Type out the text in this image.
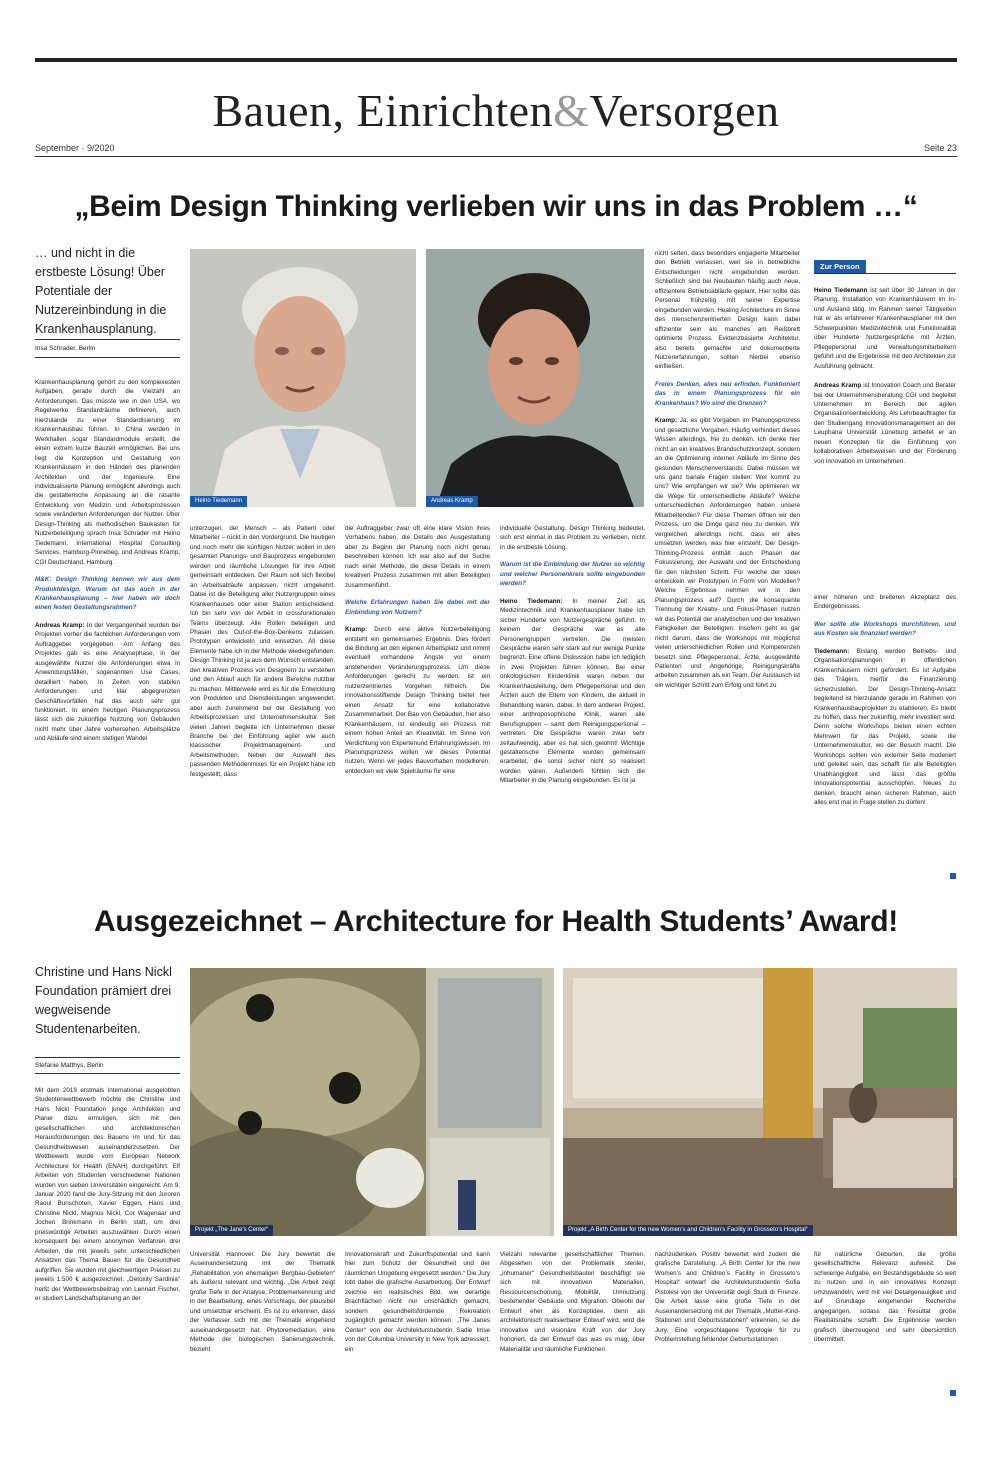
Bauen, Einrichten&Versorgen
September · 9/2020	Seite 23
„Beim Design Thinking verlieben wir uns in das Problem …“
… und nicht in die erstbeste Lösung! Über Potentiale der Nutzereinbindung in die Krankenhausplanung.
Insa Schrader, Berlin

Krankenhausplanung gehört zu den komplexesten Aufgaben, gerade durch die Vielzahl an Anforderungen. Das müsste wie in den USA, wo Regelwerke Standardräume definieren, auch hierzulande zu einer Standardisierung im Krankenhausbau führen. In China werden in Werkhallen sogar Standardmodule erstellt, die einen extrem kurze Bauzeit ermöglichen. Bei uns liegt die Konzeption und Gestaltung von Krankenhäusern in den Händen des planenden Architekten und der Ingenieure. Eine individualisierte Planung ermöglicht allerdings auch die gestalterische Anpassung an die rasante Entwicklung von Medizin und Arbeitsprozessen sowie veränderten Anforderungen der Nutzer. Über Design-Thinking als methodischen Baukasten für Nutzerbeteiligung sprach Insa Schrader mit Heino Tiedemann, International Hospital Consulting Services, Hamburg-Pinnebeg, und Andreas Kramp, CGI Deutschland, Hamburg.

M&K: Design Thinking kennen wir aus dem Produktdesign. Warum ist das auch in der Krankenhausplanung – hier haben wir doch einen festen Gestaltungsrahmen?

Andreas Kramp: In der Vergangenheit wurden bei Projekten vorher die fachlichen Anforderungen vom Auftraggeber vorgegeben. Am Anfang des Projektes gab es eine Analysephase, in der ausgewählte Nutzer die Anforderungen etwa in Anwendungsfällen, sogenannten Use Cases, detailliert haben. In Zeiten von stabilen Anforderungen und klar abgegrenzten Geschäftsvorfällen hat das auch sehr gut funktioniert. In einem heutigen Planungsprozess lässt sich die zukünftige Nutzung von Gebäuden nicht mehr über Jahre vorhersehen. Arbeitsplätze und Abläufe sind einem stetigen Wandel

Heino Tiedemann	Andreas Kramp

unterzogen, der Mensch – als Patient oder Mitarbeiter – rückt in den Vordergrund. Die heutigen und noch mehr die künftigen Nutzer wollen in den gesamten Planungs- und Bauprozess eingebunden werden und räumliche Lösungen für ihre Arbeit gemeinsam entdecken. Der Raum soll sich flexibel an Arbeitsabläufe anpassen, nicht umgekehrt. Dabei ist die Beteiligung aller Nutzergruppen eines Krankenhauses oder einer Station entscheidend. Ich bin sehr von der Arbeit in crossfunktionalen Teams überzeugt. Alle Rollen beteiligen und Phasen des Out-of-the-Box-Denkens zulassen. Prototypen entwickeln und einsetzen. All diese Elemente habe ich in der Methode wiedergefunden. Design Thinking ist ja aus dem Wunsch entstanden, den kreativen Prozess von Designern zu verstehen und den Ablauf auch für andere Bereiche nutzbar zu machen. Mittlerweile wird es für die Entwicklung von Produkten und Dienstleistungen angewendet, aber auch zunehmend bei der Gestaltung von Arbeitsprozessen und Unternehmenskultur. Seit vielen Jahren begleite ich Unternehmen dieser Branche bei der Einführung agiler wie auch klassischer Projektmanagement- und Arbeitsmethoden. Neben der Auswahl des passenden Methodenmixes für ein Projekt habe ich festgestellt, dass

die Auftraggeber zwar oft eine klare Vision ihres Vorhabens haben, die Details des Ausgestaltung aber zu Beginn der Planung noch nicht genau beschreiben können. Ich war also auf der Suche nach einer Methode, die diese Details in einem kreativen Prozess zusammen mit allen Beteiligten zusammenführt.

Welche Erfahrungen haben Sie dabei mit der Einbindung von Nutzern?

Kramp: Durch eine aktive Nutzerbeteiligung entsteht ein gemeinsames Ergebnis. Dies fördert die Bindung an den eigenen Arbeitsplatz und nimmt eventuell vorhandene Ängste vor einem anstehenden Veränderungsprozess. Um diese Anforderungen gerecht zu werden, ist ein nutzerzentriertes Vorgehen hilfreich. Die innovationsstiftende Design Thinking bietet hier einen Ansatz für eine kollaborative Zusammenarbeit. Der Bau von Gebäuden, hier also Krankenhäusern, ist eindeutig ein Prozess mit einem hohen Anteil an Kreativität. Im Sinne von Verdichtung von Expertenund Erfahrungswissen. Im Planungsprozess wollen wir dieses Potential nutzen. Wenn wir jedes Bauvorhaben modellieren, entdecken wir viele Spielräume für eine

individuelle Gestaltung. Design Thinking bedeutet, sich erst einmal in das Problem zu verlieben, nicht in die erstbeste Lösung.

Warum ist die Einbindung der Nutzer so wichtig und welcher Personenkreis sollte eingebunden werden?

Heino Tiedemann: In meiner Zeit als Medizintechnik und Krankenhausplaner habe ich sicher Hunderte von Nutzergespräche geführt. In keinem der Gespräche war es alle Personengruppen vertreten. Die meisten Gespräche waren sehr stark auf nur wenige Punkte begrenzt. Eine offene Diskussion habe ich lediglich in zwei Projekten führen können. Bei einer onkologischen Kinderklinik waren neben der Krankenhausleitung, dem Pflegepersonal und den Ärzten auch die Eltern von Kindern, die aktuell in Behandlung waren, dabei. In dem anderen Projekt, einer anthroposophische Klinik, waren alle Berufsgruppen – samt dem Reinigungspersonal – vertreten. Die Gespräche waren zwar sehr zeitaufwendig, aber es hat sich gelohnt! Wichtige gestalterische Elemente wurden gemeinsam erarbeitet, die sonst sicher nicht so realisiert worden wären. Außerdem fühlten sich die Mitarbeiter in die Planung eingebunden. Es ist ja

nicht selten, dass besonders engagierte Mitarbeiter den Betrieb verlassen, weil sie in betriebliche Entscheidungen nicht eingebunden werden. Schließlich sind bei Neubauten häufig auch neue, effizientere Betriebsabläufe geplant. Hier sollte das Personal frühzeitig mit seiner Expertise eingebunden werden. Healing Architecture im Sinne des menschenzentrierten Design kann dabei effizienter sein als manches am Reißbrett optimierte Prozess. Evidenzbasierte Architektur, also bereits gemachte und dokumentierte Nutzererfahrungen, sollten hierbei ebenso einfließen.

Freies Denken, alles neu erfinden. Funktioniert das in einem Planungsprozess für ein Krankenhaus? Wo sind die Grenzen?

Kramp: Ja, es gibt Vorgaben im Planungsprozess und gesetzliche Vorgaben. Häufig verhindert dieses Wissen allerdings, frei zu denken. Ich denke hier nicht an ein kreatives Brandschutzkonzept, sondern an die Optimierung interner Abläufe im Sinne des gesunden Menschenverstands. Dabei müssen wir uns ganz banale Fragen stellen: Wer kommt zu uns? Wie empfangen wir sie? Wie optimieren wir die Wege für unterschiedliche Abläufe? Welche unterschiedlichen Anforderungen haben unsere Mitarbeitenden? Für diese Themen öffnen wir den Prozess, um die Dinge ganz neu zu denken. Wir vergleichen allerdings nicht, dass wir alles umsetzen werden, was hier entsteht. Der Design-Thinking-Prozess enthält auch Phasen der Fokussierung, der Auswahl und der Entscheidung für den nächsten Schritt. Für welche der Ideen entwickeln wir Prototypen in Form von Modellen? Welche Ergebnisse nehmen wir in den Planungsprozess auf? Durch die konsequente Trennung der Kreativ- und Fokus-Phasen nutzen wir das Potential der analytischen und der kreativen Fähigkeiten der Beteiligten. Insofern geht es gar nicht darum, dass die Workshops mit möglichst vielen unterschiedlichen Rollen und Kompetenzen besetzt sind. Pflegepersonal, Ärzte, ausgewählte Patienten und Angehörige, Reinigungskräfte arbeiten zusammen als ein Team. Der Austausch ist ein wichtiger Schritt zum Erfolg und führt zu

Zur Person

Heino Tiedemann ist seit über 30 Jahren in der Planung, Installation von Krankenhäusern im In- und Ausland tätig. Im Rahmen seiner Tätigkeiten hat er als erfahrener Krankenhausplaner mit den Schwerpunkten Medizintechnik und Funktionalität über Hunderte Nutzergespräche mit Ärzten, Pflegepersonal und Verwaltungsmitarbeitern geführt und die Ergebnisse mit den Architekten zur Ausführung gebracht.

Andreas Kramp ist Innovation Coach und Berater bei der Unternehmensberatung CGI und begleitet Unternehmen im Bereich der agilen Organisationsentwicklung. Als Lehrbeauftragter für den Studiengang Innovationsmanagement an der Leuphana Universität Lüneburg arbeitet er an neuen Konzepten für die Einführung von kollaborativen Arbeitsweisen und der Förderung von Innovation im Unternehmen.

einer höheren und breiteren Akzeptanz des Endergebnisses.

Wer sollte die Workshops durchführen, und aus Kosten sie finanziert werden?

Tiedemann: Bislang werden Betriebs- und Organisationsplanungen in öffentlichen Krankenhäusern nicht gefördert. Es ist Aufgabe des Trägers, hierfür die Finanzierung sicherzustellen. Der Design-Thinking-Ansatz begleitend ist hierzulande gerade im Rahmen von Krankenhausbauprojekten zu etablieren. Es bleibt zu hoffen, dass hier zukünftig, mehr investiert wird. Denn solche Workshops bieten einen echten Mehrwert für das Projekt, sowie die Unternehmenskultur, wo der Besuch macht. Die Workshops sollten von externer Seite moderiert und geleitet sein, das schafft für alle Beteiligten Unabhängigkeit und lässt das größte Innovationspotential ausschöpfen. Neues zu denken, braucht einen sicheren Rahmen, auch alles erst mal in Frage stellen zu dürfen!

Ausgezeichnet – Architecture for Health Students’ Award!
Christine und Hans Nickl Foundation prämiert drei wegweisende Studentenarbeiten.
Stefanie Matthys, Berlin

Mit dem 2019 erstmals international ausgelobten Studentenwettbewerb möchte die Christine und Hans Nickl Foundation junge Architekten und Planer dazu ermutigen, sich mit den gesellschaftlichen und architektonischen Herausforderungen des Bauens im und für das Gesundheitswesen auseinanderzusetzen. Der Wettbewerb wurde vom European Network Architecture for Health (ENAH) durchgeführt. Elf Arbeiten von Studenten verschiedener Nationen wurden von sieben Universitäten eingereicht. Am 9. Januar 2020 fand die Jury-Sitzung mit den Juroren Raoul Bunschoten, Xavier Eggen, Hans und Christine Nickl, Magnus Nickl, Cor Wagenaar und Jochen Brinkmann in Berlin statt, um drei preiswürdige Arbeiten auszuwählen. Durch einen konsequent bei einem anonymen Verfahren drei Arbeiten, die mit jeweils sehr unterschiedlichen Ansätzen das Thema Bauen für die Gesundheit aufgriffen. Sie wurden mit gleichwertigen Preisen zu jeweils 1.500 € ausgezeichnet. „Detoxity Sardinia“ heißt der Wettbewerbsbeitrag von Lennart Fischer, er studiert Landschaftsplanung an der

Projekt „The Jane’s Center“	Projekt „A Birth Center for the new Women’s and Children’s Facility in Grosseto’s Hospital“

Universität Hannover. Die Jury bewertet die Auseinandersetzung mit der Thematik „Rehabilitation von ehemaligen Bergbau-Gebieten“ als äußerst relevant und wichtig. „Die Arbeit zeigt große Tiefe in der Analyse, Problemerkennung und in der Bearbeitung, eines Vorschlags, der plausibel und umsetzbar erscheint. Es ist zu erkennen, dass der Verfasser sich mit der Thematik eingehend auseinandergesetzt hat. Phytoremediation, eine Methode der biologischen Sanierungstechnik, bezieht

Innovationskraft und Zukunftspotential und kann hier zum Schutz der Gesundheit und der räumlichen Umgebung eingesetzt werden.“ Die Jury lobt dabei die grafische Ausarbeitung. Der Entwurf zeichne ein realistisches Bild, wie derartige Brachflächen nicht nur unschädlich gemacht, sondern gesundheitsfördernde Rekreation zugänglich gemacht werden können. „The Janes Center“ von der Architekturstudentin Sadie Imse von der Columbia University in New York adressiert, ein

Vielzahl relevanter gesellschaftlicher Themen. Abgesehen von der Problematik steriler, „inhumaner“ Gesundheitsbauten beschäftigt sie sich mit innovativen Materialien, Ressourcenschonung, Mobilität, Umnutzung bestehender Gebäude und Migration. Obwohl der Entwurf eher als Konzeptidee, denn als architektonisch realisierbarer Entwurf wird, wird die innovative und visionäre Kraft von der Jury honoriert, da der Entwurf das was es mag, über Materialität und räumliche Funktionen

nachzudenken. Positiv bewertet wird zudem die grafische Darstellung. „A Birth Center for the new Women’s and Children’s Facility in Grosseto’s Hospital“ entwarf die Architekturstudentin Sofia Pistolesi von der Universität degli Studi di Firenze. Die Arbeit lasse eine große Tiefe in der Auseinandersetzung mit der Thematik „Mutter-Kind-Stationen und Geburtsstationen“ erkennen, so die Jury. Eine vorgeschlagene Typologie für zu Problemstellung fehlender Geburtsstationen

für natürliche Geburten, die große gesellschaftliche Relevanz aufweist. Die schwierige Aufgabe, ein Bestandsgebäude so weit zu nutzen und in ein innovatives Konzept umzuwandeln, wird mit viel Detailgenauigkeit und auf Grundlage eingehender Recherche angegangen, sodass das Resultat große Realitätsnähe schafft. Die Ergebnisse werden grafisch überzeugend und sehr übersichtlich übermittelt.
